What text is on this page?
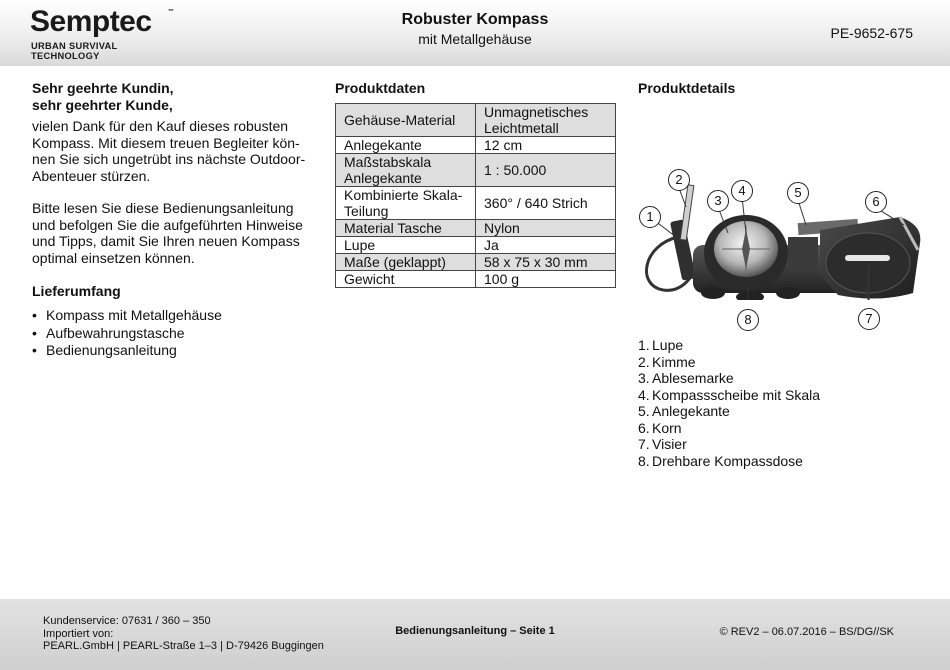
Semptec	™
URBAN SURVIVAL TECHNOLOGY
Robuster Kompass
mit Metallgehäuse	PE-9652-675
Sehr geehrte Kundin,
sehr geehrter Kunde,

vielen Dank für den Kauf dieses robusten Kompass. Mit diesem treuen Begleiter kön-nen Sie sich ungetrübt ins nächste Outdoor-Abenteuer stürzen.

Bitte lesen Sie diese Bedienungsanleitung und befolgen Sie die aufgeführten Hinweise und Tipps, damit Sie Ihren neuen Kompass optimal einsetzen können.

Lieferumfang
• Kompass mit Metallgehäuse
• Aufbewahrungstasche
• Bedienungsanleitung
Produktdaten
Gehäuse-Material	Unmagnetisches Leichtmetall
Anlegekante	12 cm
Maßstabskala Anlegekante	1 : 50.000
Kombinierte Skala-Teilung	360° / 640 Strich
Material Tasche	Nylon
Lupe	Ja
Maße (geklappt)	58 x 75 x 30 mm
Gewicht	100 g
Produktdetails
1
2
3
4	5
6
7
8
1. Lupe
2. Kimme
3. Ablesemarke
4. Kompassscheibe mit Skala
5. Anlegekante
6. Korn
7. Visier
8. Drehbare Kompassdose
Kundenservice: 07631 / 360 – 350
Importiert von:
PEARL.GmbH | PEARL-Straße 1–3 | D-79426 Buggingen
Bedienungsanleitung – Seite 1	© REV2 – 06.07.2016 – BS/DG//SK
